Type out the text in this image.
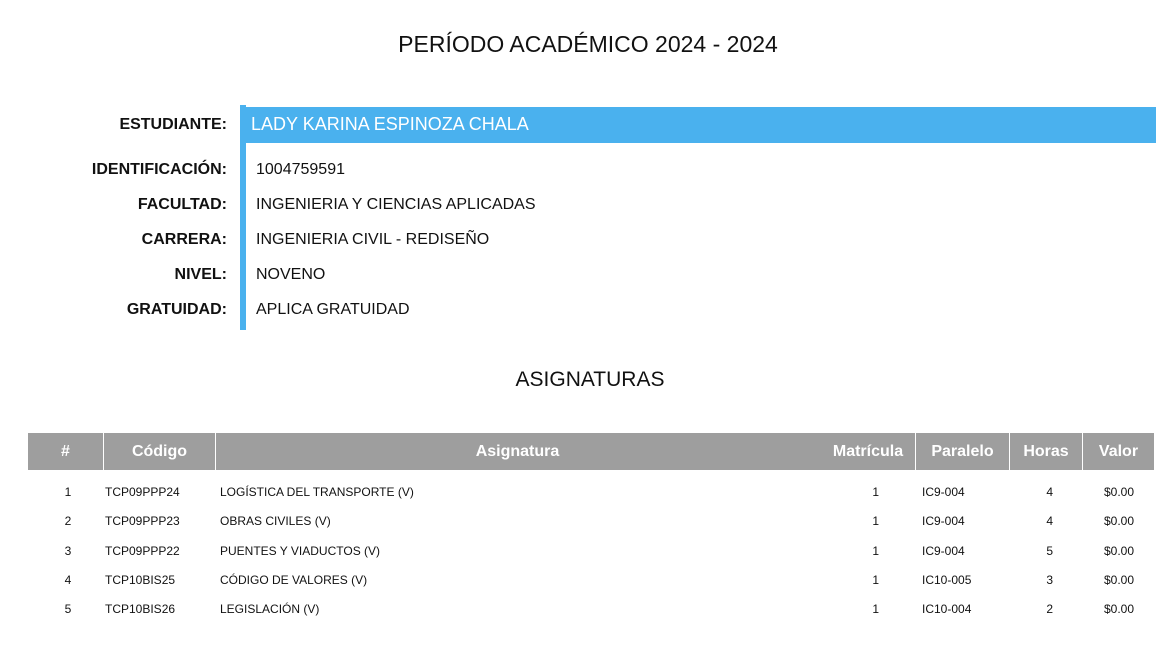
PERÍODO ACADÉMICO 2024 - 2024
ESTUDIANTE: LADY KARINA ESPINOZA CHALA
IDENTIFICACIÓN: 1004759591
FACULTAD: INGENIERIA Y CIENCIAS APLICADAS
CARRERA: INGENIERIA CIVIL - REDISEÑO
NIVEL: NOVENO
GRATUIDAD: APLICA GRATUIDAD
ASIGNATURAS
#	Código	Asignatura	Matrícula	Paralelo	Horas	Valor
1	TCP09PPP24	LOGÍSTICA DEL TRANSPORTE (V)	1	IC9-004	4	$0.00
2	TCP09PPP23	OBRAS CIVILES (V)	1	IC9-004	4	$0.00
3	TCP09PPP22	PUENTES Y VIADUCTOS (V)	1	IC9-004	5	$0.00
4	TCP10BIS25	CÓDIGO DE VALORES (V)	1	IC10-005	3	$0.00
5	TCP10BIS26	LEGISLACIÓN (V)	1	IC10-004	2	$0.00
